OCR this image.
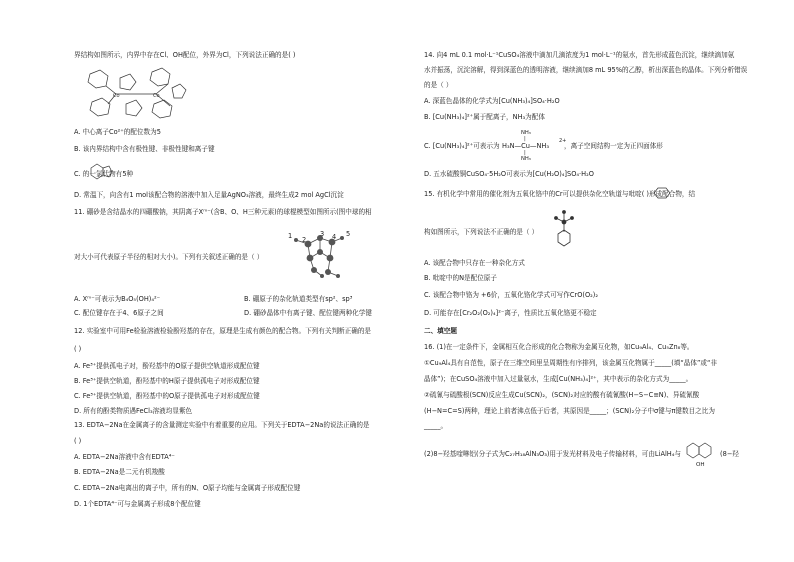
界结构如图所示，内界中存在Cl、OH配位，外界为Cl，下列说法正确的是( )
Co	Co
A. 中心离子Co²⁺的配位数为5
B. 该内界结构中含有极性键、非极性键和离子键
C. 的一氯代物有5种
D. 常温下，向含有1 mol该配合物的溶液中加入足量AgNO₃溶液，最终生成2 mol AgCl沉淀
11. 硼砂是含结晶水的四硼酸钠，其阴离子Xᵐ⁻(含B、O、H三种元素)的球棍模型如图所示(图中球的相
1 2
3 4 5
对大小可代表原子半径的相对大小)。下列有关叙述正确的是（ ）
A. Xᵐ⁻可表示为B₄O₅(OH)₄²⁻	B. 硼原子的杂化轨道类型有sp²、sp³
C. 配位键存在于4、6原子之间	D. 硼砂晶体中有离子键、配位键两种化学键
12. 实验室中可用Fe检验溶液检验酚羟基的存在，原理是生成有颜色的配合物。下列有关判断正确的是
( )
A. Fe³⁺提供孤电子对，酚羟基中的O原子提供空轨道形成配位键
B. Fe³⁺提供空轨道，酚羟基中的H原子提供孤电子对形成配位键
C. Fe³⁺提供空轨道，酚羟基中的O原子提供孤电子对形成配位键
D. 所有的酚类物质遇FeCl₃溶液均显紫色
13. EDTA−2Na在金属离子的含量测定实验中有着重要的应用。下列关于EDTA−2Na的说法正确的是
( )
A. EDTA−2Na溶液中含有EDTA⁴⁻
B. EDTA−2Na是二元有机羧酸
C. EDTA−2Na电离出的离子中，所有的N、O原子均能与金属离子形成配位键
D. 1个EDTA⁴⁻可与金属离子形成8个配位键
14. 向4 mL 0.1 mol·L⁻¹CuSO₄溶液中滴加几滴浓度为1 mol·L⁻¹的氨水，首先形成蓝色沉淀，继续滴加氨
水并振荡，沉淀溶解，得到深蓝色的透明溶液，继续滴加8 mL 95%的乙醇，析出深蓝色的晶体。下列分析错误
的是（ ）
A. 深蓝色晶体的化学式为[Cu(NH₃)₄]SO₄·H₂O
B. [Cu(NH₃)₄]²⁺属于配离子，NH₃为配体
C. [Cu(NH₃)₄]²⁺可表示为
NH₃
|
H₃N—Cu—NH₃
|
NH₃
2+
，离子空间结构一定为正四面体形
D. 五水硫酸铜CuSO₄·5H₂O可表示为[Cu(H₂O)₄]SO₄·H₂O
15. 有机化学中常用的催化剂为五氧化铬中的Cr可以提供杂化空轨道与吡啶( )形成配合物，结
构如图所示，下列说法不正确的是（ ）
A. 该配合物中只存在一种杂化方式
B. 吡啶中的N是配位原子
C. 该配合物中铬为 +6价，五氧化铬化学式可写作CrO(O₂)₂
D. 可能存在[Cr₂O₂(O₂)₄]²⁻离子，性质比五氧化铬更不稳定
二、填空题
16. (1)在一定条件下，金属相互化合形成的化合物称为金属互化物，如Cu₉Al₄、Cu₅Zn₈等。
①Cu₉Al₄具有自范性，原子在三维空间里呈周期性有序排列，该金属互化物属于_____(填“晶体”或“非
晶体”)；在CuSO₄溶液中加入过量氨水，生成[Cu(NH₃)₄]²⁺，其中表示的杂化方式为_____。
②硫氰与硫酸根(SCN)反应生成Cu(SCN)₂，(SCN)₂对应的酸有硫氰酸(H−S−C≡N)、异硫氰酸
(H−N=C=S)两种，理论上前者沸点低于后者，其原因是_____；(SCN)₂分子中σ键与π键数目之比为
_____。
(2)8−羟基喹啉铝(分子式为C₂₇H₁₈AlN₃O₃)用于发光材料及电子传输材料，可由LiAlH₄与
OH
(8−羟
